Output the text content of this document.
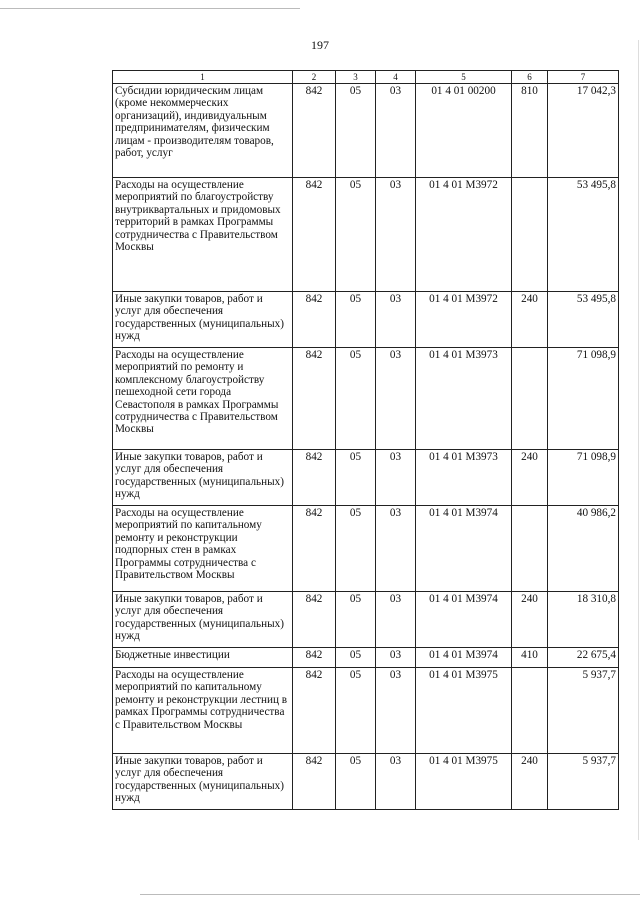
197
1	2	3	4	5	6	7
Субсидии юридическим лицам (кроме некоммерческих организаций), индивидуальным предпринимателям, физическим лицам - производителям товаров, работ, услуг	842	05	03	01 4 01 00200	810	17 042,3
Расходы на осуществление мероприятий по благоустройству внутриквартальных и придомовых территорий в рамках Программы сотрудничества с Правительством Москвы	842	05	03	01 4 01 М3972		53 495,8
Иные закупки товаров, работ и услуг для обеспечения государственных (муниципальных) нужд	842	05	03	01 4 01 М3972	240	53 495,8
Расходы на осуществление мероприятий по ремонту и комплексному благоустройству пешеходной сети города Севастополя в рамках Программы сотрудничества с Правительством Москвы	842	05	03	01 4 01 М3973		71 098,9
Иные закупки товаров, работ и услуг для обеспечения государственных (муниципальных) нужд	842	05	03	01 4 01 М3973	240	71 098,9
Расходы на осуществление мероприятий по капитальному ремонту и реконструкции подпорных стен в рамках Программы сотрудничества с Правительством Москвы	842	05	03	01 4 01 М3974		40 986,2
Иные закупки товаров, работ и услуг для обеспечения государственных (муниципальных) нужд	842	05	03	01 4 01 М3974	240	18 310,8
Бюджетные инвестиции	842	05	03	01 4 01 М3974	410	22 675,4
Расходы на осуществление мероприятий по капитальному ремонту и реконструкции лестниц в рамках Программы сотрудничества с Правительством Москвы	842	05	03	01 4 01 М3975		5 937,7
Иные закупки товаров, работ и услуг для обеспечения государственных (муниципальных) нужд	842	05	03	01 4 01 М3975	240	5 937,7
